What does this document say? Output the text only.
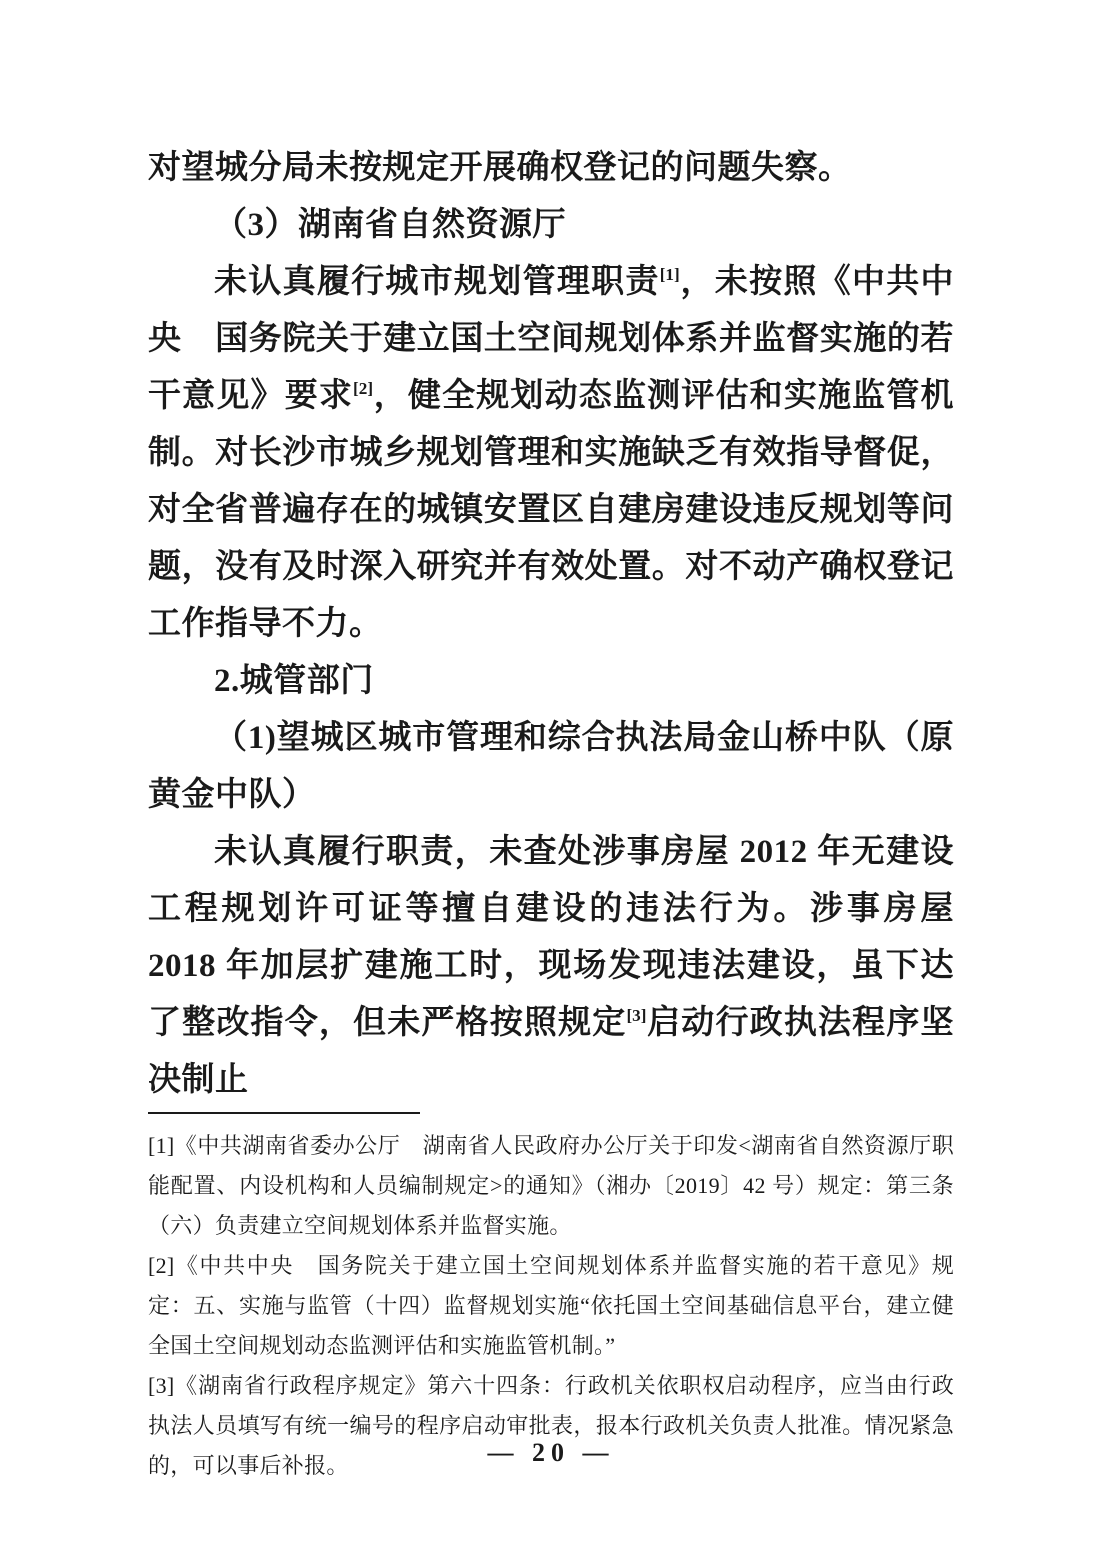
对望城分局未按规定开展确权登记的问题失察。

（3）湖南省自然资源厅

未认真履行城市规划管理职责[1]，未按照《中共中央　国务院关于建立国土空间规划体系并监督实施的若干意见》要求[2]，健全规划动态监测评估和实施监管机制。对长沙市城乡规划管理和实施缺乏有效指导督促，对全省普遍存在的城镇安置区自建房建设违反规划等问题，没有及时深入研究并有效处置。对不动产确权登记工作指导不力。

2.城管部门

（1)望城区城市管理和综合执法局金山桥中队（原黄金中队）

未认真履行职责，未查处涉事房屋 2012 年无建设工程规划许可证等擅自建设的违法行为。涉事房屋 2018 年加层扩建施工时，现场发现违法建设，虽下达了整改指令，但未严格按照规定[3]启动行政执法程序坚决制止

[1]《中共湖南省委办公厅　湖南省人民政府办公厅关于印发<湖南省自然资源厅职能配置、内设机构和人员编制规定>的通知》（湘办〔2019〕42 号）规定：第三条（六）负责建立空间规划体系并监督实施。

[2]《中共中央　国务院关于建立国土空间规划体系并监督实施的若干意见》规定：五、实施与监管（十四）监督规划实施“依托国土空间基础信息平台，建立健全国土空间规划动态监测评估和实施监管机制。”

[3]《湖南省行政程序规定》第六十四条：行政机关依职权启动程序，应当由行政执法人员填写有统一编号的程序启动审批表，报本行政机关负责人批准。情况紧急的，可以事后补报。	— 20 —
